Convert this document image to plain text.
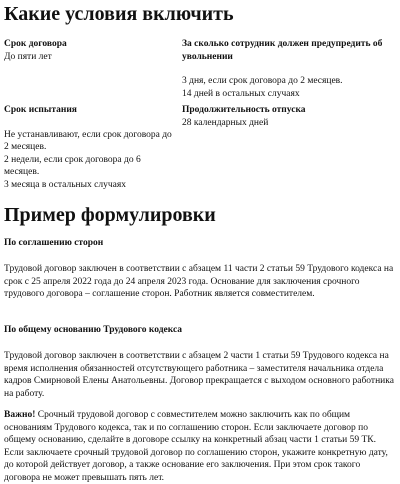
Какие условия включить
Срок договора
До пяти лет
За сколько сотрудник должен предупредить об увольнении
3 дня, если срок договора до 2 месяцев.
14 дней в остальных случаях
Срок испытания
Не устанавливают, если срок договора до 2 месяцев.
2 недели, если срок договора до 6 месяцев.
3 месяца в остальных случаях
Продолжительность отпуска
28 календарных дней
Пример формулировки
По соглашению сторон
Трудовой договор заключен в соответствии с абзацем 11 части 2 статьи 59 Трудового кодекса на срок с 25 апреля 2022 года до 24 апреля 2023 года. Основание для заключения срочного трудового договора – соглашение сторон. Работник является совместителем.
По общему основанию Трудового кодекса
Трудовой договор заключен в соответствии с абзацем 2 части 1 статьи 59 Трудового кодекса на время исполнения обязанностей отсутствующего работника – заместителя начальника отдела кадров Смирновой Елены Анатольевны. Договор прекращается с выходом основного работника на работу.
Важно! Срочный трудовой договор с совместителем можно заключить как по общим основаниям Трудового кодекса, так и по соглашению сторон. Если заключаете договор по общему основанию, сделайте в договоре ссылку на конкретный абзац части 1 статьи 59 ТК. Если заключаете срочный трудовой договор по соглашению сторон, укажите конкретную дату, до которой действует договор, а также основание его заключения. При этом срок такого договора не может превышать пять лет.
